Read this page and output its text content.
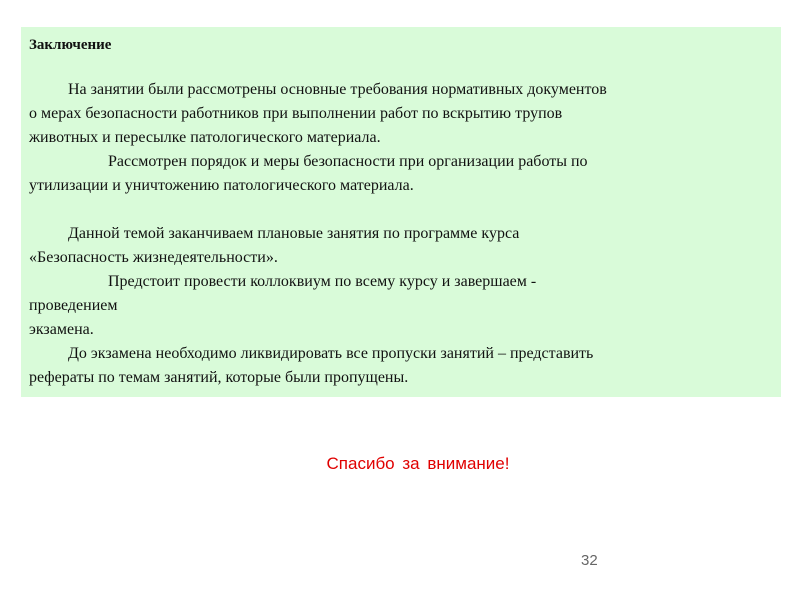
Заключение
На занятии были рассмотрены основные требования нормативных документов
о мерах безопасности работников при выполнении работ по вскрытию трупов
животных и пересылке патологического материала.
Рассмотрен порядок и меры безопасности при организации работы по
утилизации и уничтожению патологического материала.
Данной темой заканчиваем плановые занятия по программе курса
«Безопасность жизнедеятельности».
Предстоит провести коллоквиум по всему курсу и завершаем -
проведением
экзамена.
До экзамена необходимо ликвидировать все пропуски занятий – представить
рефераты по темам занятий, которые были пропущены.
Спасибо за внимание!
32
